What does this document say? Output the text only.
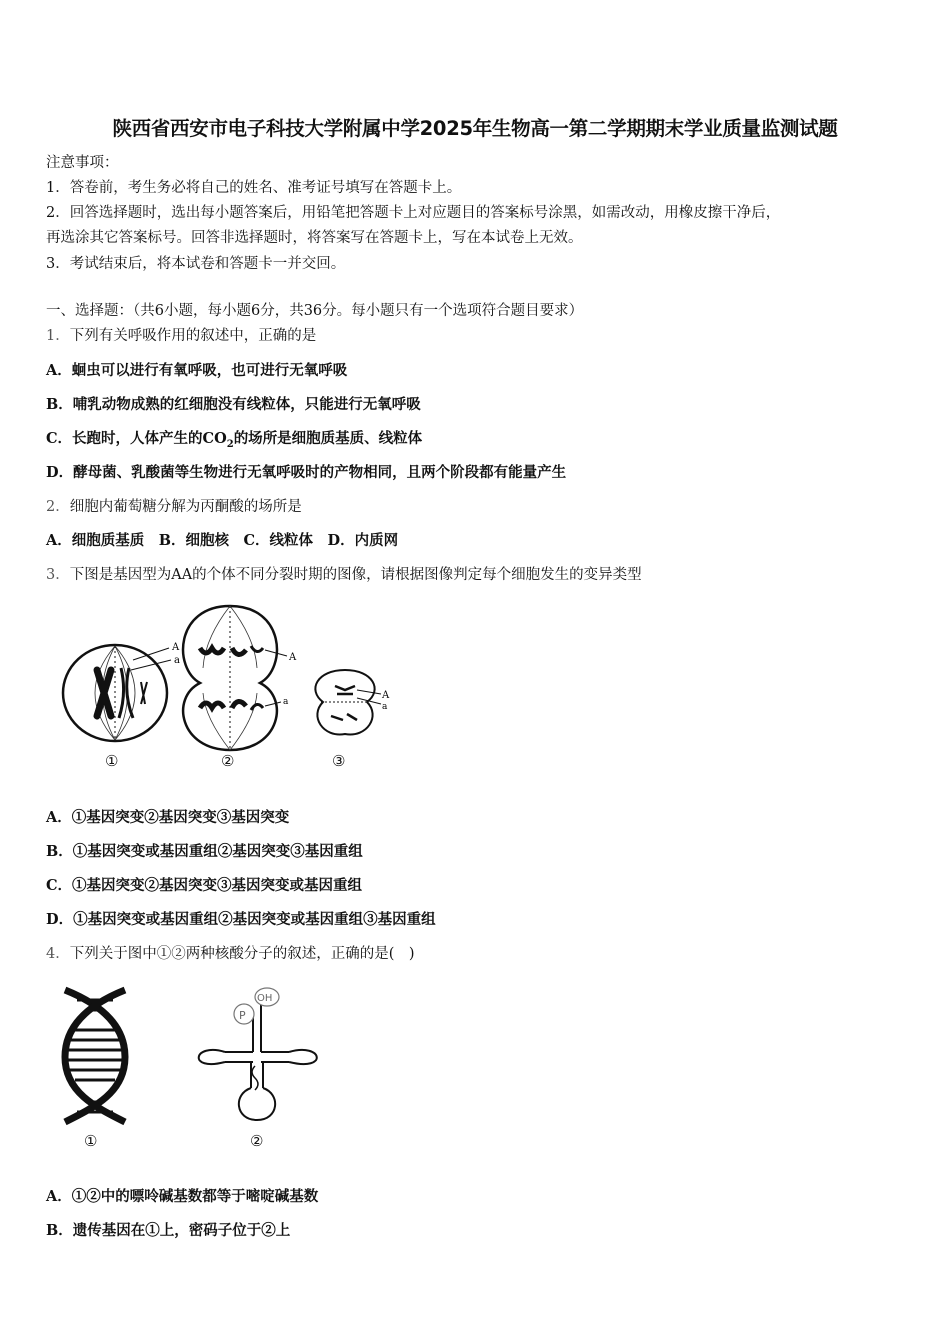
陕西省西安市电子科技大学附属中学2025年生物高一第二学期期末学业质量监测试题
注意事项：
1．答卷前，考生务必将自己的姓名、准考证号填写在答题卡上。
2．回答选择题时，选出每小题答案后，用铅笔把答题卡上对应题目的答案标号涂黑，如需改动，用橡皮擦干净后，
再选涂其它答案标号。回答非选择题时，将答案写在答题卡上，写在本试卷上无效。
3．考试结束后，将本试卷和答题卡一并交回。
一、选择题：（共6小题，每小题6分，共36分。每小题只有一个选项符合题目要求）
1．下列有关呼吸作用的叙述中，正确的是
A．蛔虫可以进行有氧呼吸，也可进行无氧呼吸
B．哺乳动物成熟的红细胞没有线粒体，只能进行无氧呼吸
C．长跑时，人体产生的$CO_2$的场所是细胞质基质、线粒体
D．酵母菌、乳酸菌等生物进行无氧呼吸时的产物相同，且两个阶段都有能量产生
2．细胞内葡萄糖分解为丙酮酸的场所是
A．细胞质基质　B．细胞核　C．线粒体　D．内质网
3．下图是基因型为AA的个体不同分裂时期的图像，请根据图像判定每个细胞发生的变异类型
A
a	A
a
A
a
①	②	③
A．①基因突变②基因突变③基因突变
B．①基因突变或基因重组②基因突变③基因重组
C．①基因突变②基因突变③基因突变或基因重组
D．①基因突变或基因重组②基因突变或基因重组③基因重组
4．下列关于图中①②两种核酸分子的叙述，正确的是(　)
P
OH
①	②
A．①②中的嘌呤碱基数都等于嘧啶碱基数
B．遗传基因在①上，密码子位于②上
